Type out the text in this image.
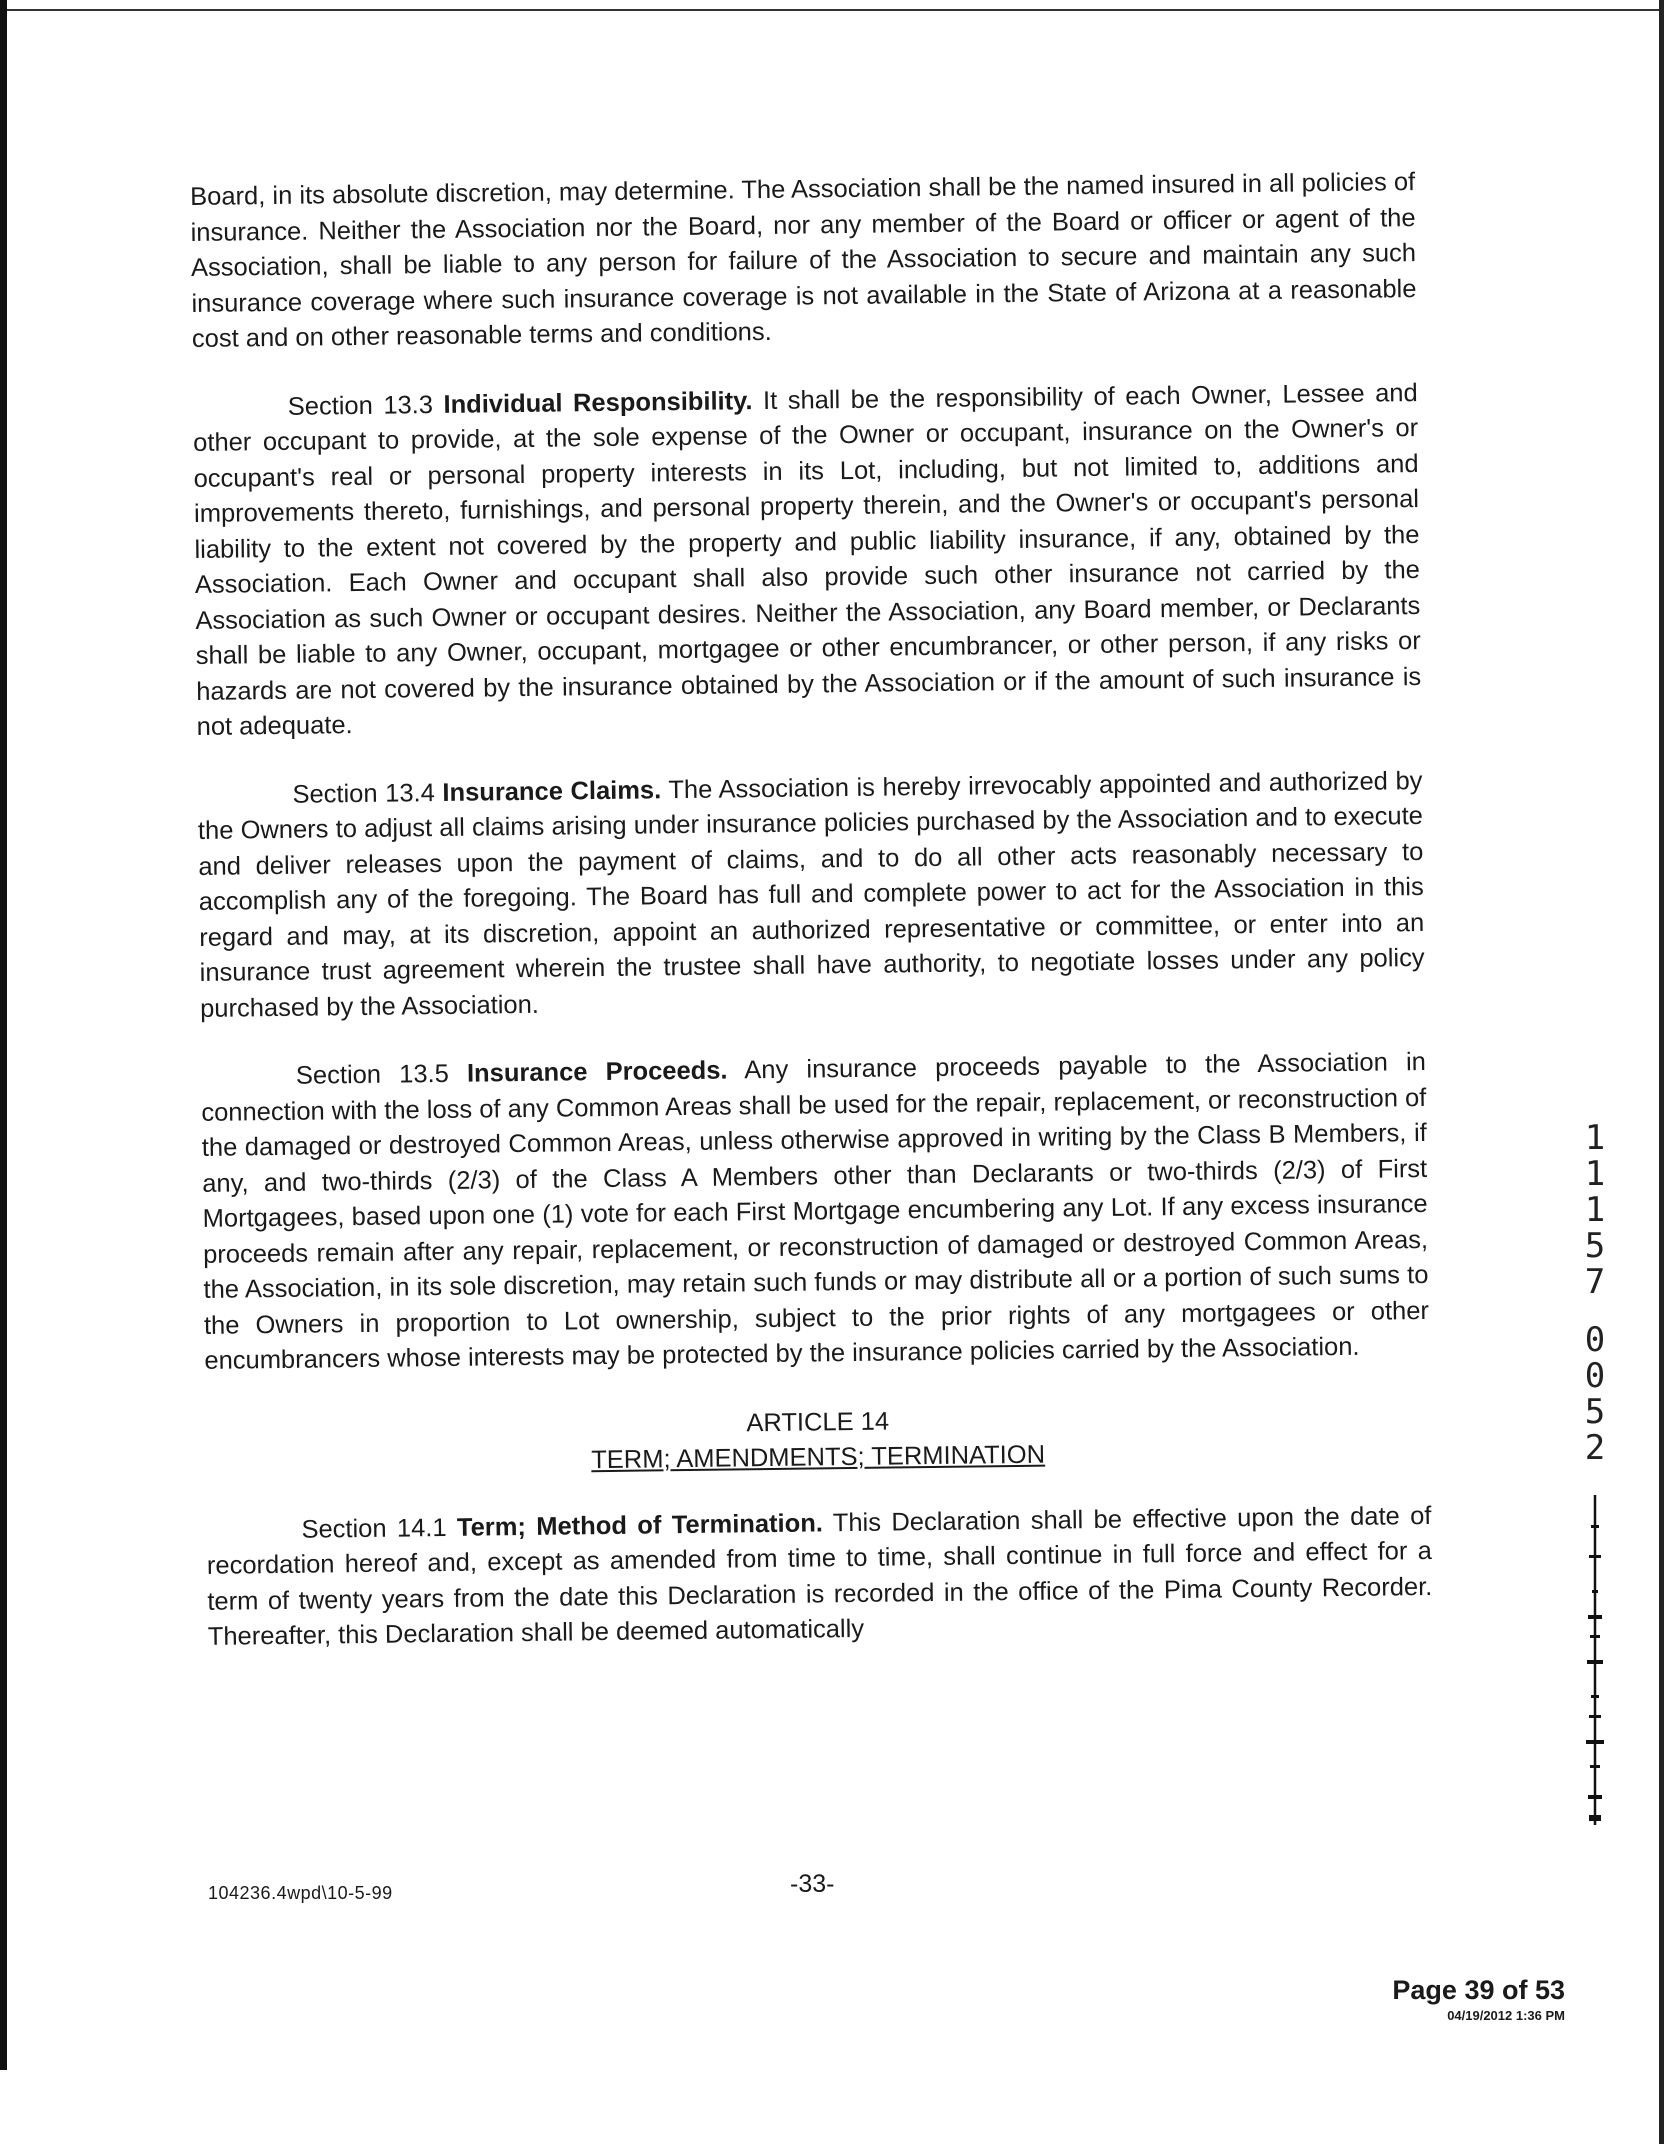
Board, in its absolute discretion, may determine. The Association shall be the named insured in all policies of insurance. Neither the Association nor the Board, nor any member of the Board or officer or agent of the Association, shall be liable to any person for failure of the Association to secure and maintain any such insurance coverage where such insurance coverage is not available in the State of Arizona at a reasonable cost and on other reasonable terms and conditions.

Section 13.3 Individual Responsibility. It shall be the responsibility of each Owner, Lessee and other occupant to provide, at the sole expense of the Owner or occupant, insurance on the Owner's or occupant's real or personal property interests in its Lot, including, but not limited to, additions and improvements thereto, furnishings, and personal property therein, and the Owner's or occupant's personal liability to the extent not covered by the property and public liability insurance, if any, obtained by the Association. Each Owner and occupant shall also provide such other insurance not carried by the Association as such Owner or occupant desires. Neither the Association, any Board member, or Declarants shall be liable to any Owner, occupant, mortgagee or other encumbrancer, or other person, if any risks or hazards are not covered by the insurance obtained by the Association or if the amount of such insurance is not adequate.

Section 13.4 Insurance Claims. The Association is hereby irrevocably appointed and authorized by the Owners to adjust all claims arising under insurance policies purchased by the Association and to execute and deliver releases upon the payment of claims, and to do all other acts reasonably necessary to accomplish any of the foregoing. The Board has full and complete power to act for the Association in this regard and may, at its discretion, appoint an authorized representative or committee, or enter into an insurance trust agreement wherein the trustee shall have authority, to negotiate losses under any policy purchased by the Association.

Section 13.5 Insurance Proceeds. Any insurance proceeds payable to the Association in connection with the loss of any Common Areas shall be used for the repair, replacement, or reconstruction of the damaged or destroyed Common Areas, unless otherwise approved in writing by the Class B Members, if any, and two-thirds (2/3) of the Class A Members other than Declarants or two-thirds (2/3) of First Mortgagees, based upon one (1) vote for each First Mortgage encumbering any Lot. If any excess insurance proceeds remain after any repair, replacement, or reconstruction of damaged or destroyed Common Areas, the Association, in its sole discretion, may retain such funds or may distribute all or a portion of such sums to the Owners in proportion to Lot ownership, subject to the prior rights of any mortgagees or other encumbrancers whose interests may be protected by the insurance policies carried by the Association.

ARTICLE 14
TERM; AMENDMENTS; TERMINATION

Section 14.1 Term; Method of Termination. This Declaration shall be effective upon the date of recordation hereof and, except as amended from time to time, shall continue in full force and effect for a term of twenty years from the date this Declaration is recorded in the office of the Pima County Recorder. Thereafter, this Declaration shall be deemed automatically

104236.4wpd\10-5-99	-33-
1
1
1
5
7
0
0
5
2
Page 39 of 53
04/19/2012 1:36 PM
